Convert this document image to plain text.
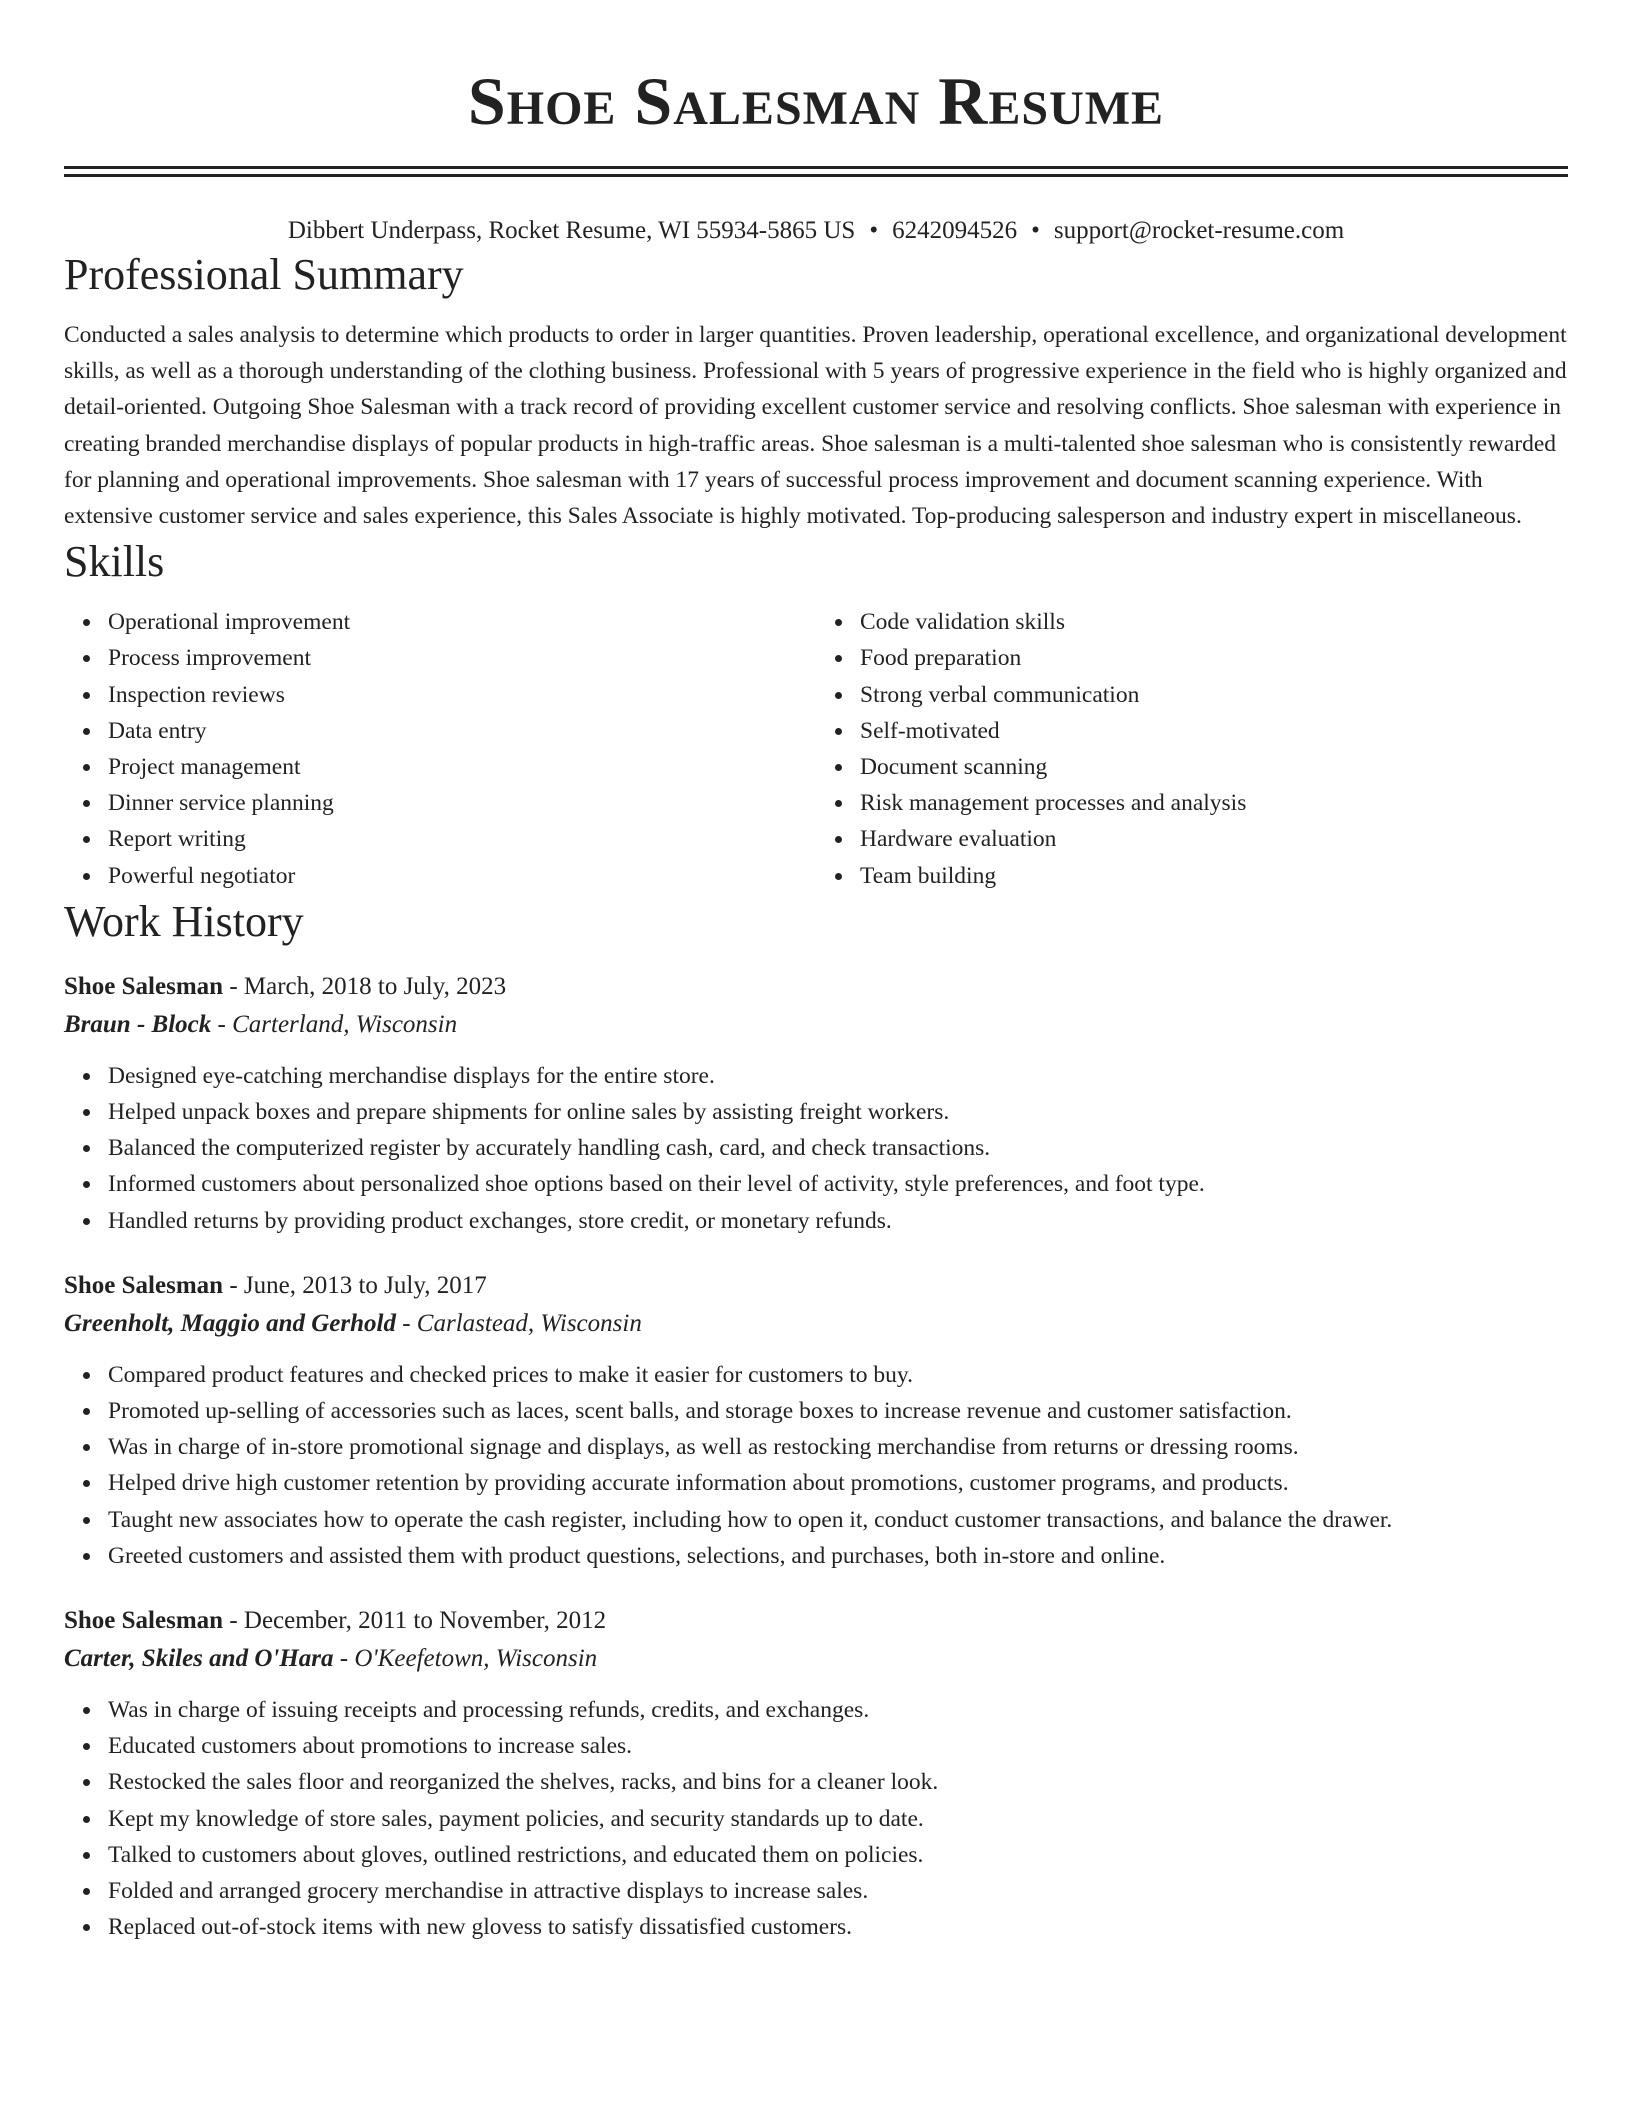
Shoe Salesman Resume
Dibbert Underpass, Rocket Resume, WI 55934-5865 US • 6242094526 • support@rocket-resume.com
Professional Summary

Conducted a sales analysis to determine which products to order in larger quantities. Proven leadership, operational excellence, and organizational development skills, as well as a thorough understanding of the clothing business. Professional with 5 years of progressive experience in the field who is highly organized and detail-oriented. Outgoing Shoe Salesman with a track record of providing excellent customer service and resolving conflicts. Shoe salesman with experience in creating branded merchandise displays of popular products in high-traffic areas. Shoe salesman is a multi-talented shoe salesman who is consistently rewarded for planning and operational improvements. Shoe salesman with 17 years of successful process improvement and document scanning experience. With extensive customer service and sales experience, this Sales Associate is highly motivated. Top-producing salesperson and industry expert in miscellaneous.

Skills
Operational improvement
Process improvement
Inspection reviews
Data entry
Project management
Dinner service planning
Report writing
Powerful negotiator
Code validation skills
Food preparation
Strong verbal communication
Self-motivated
Document scanning
Risk management processes and analysis
Hardware evaluation
Team building
Work History
Shoe Salesman - March, 2018 to July, 2023
Braun - Block - Carterland, Wisconsin
Designed eye-catching merchandise displays for the entire store.
Helped unpack boxes and prepare shipments for online sales by assisting freight workers.
Balanced the computerized register by accurately handling cash, card, and check transactions.
Informed customers about personalized shoe options based on their level of activity, style preferences, and foot type.
Handled returns by providing product exchanges, store credit, or monetary refunds.
Shoe Salesman - June, 2013 to July, 2017
Greenholt, Maggio and Gerhold - Carlastead, Wisconsin
Compared product features and checked prices to make it easier for customers to buy.
Promoted up-selling of accessories such as laces, scent balls, and storage boxes to increase revenue and customer satisfaction.
Was in charge of in-store promotional signage and displays, as well as restocking merchandise from returns or dressing rooms.
Helped drive high customer retention by providing accurate information about promotions, customer programs, and products.
Taught new associates how to operate the cash register, including how to open it, conduct customer transactions, and balance the drawer.
Greeted customers and assisted them with product questions, selections, and purchases, both in-store and online.
Shoe Salesman - December, 2011 to November, 2012
Carter, Skiles and O'Hara - O'Keefetown, Wisconsin
Was in charge of issuing receipts and processing refunds, credits, and exchanges.
Educated customers about promotions to increase sales.
Restocked the sales floor and reorganized the shelves, racks, and bins for a cleaner look.
Kept my knowledge of store sales, payment policies, and security standards up to date.
Talked to customers about gloves, outlined restrictions, and educated them on policies.
Folded and arranged grocery merchandise in attractive displays to increase sales.
Replaced out-of-stock items with new glovess to satisfy dissatisfied customers.
